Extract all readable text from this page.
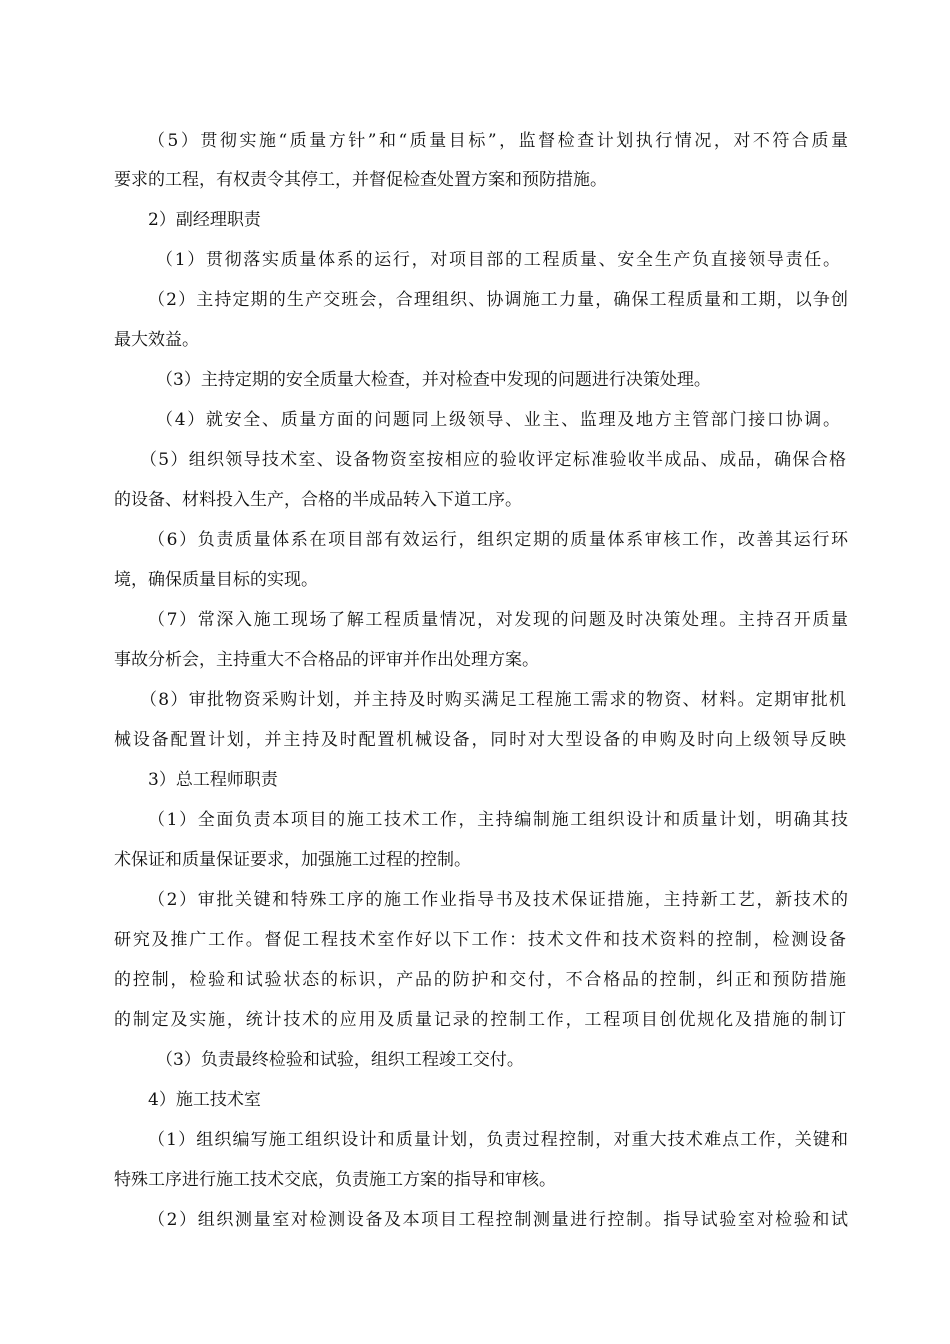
（5）贯彻实施“质量方针”和“质量目标”，监督检查计划执行情况，对不符合质量
要求的工程，有权责令其停工，并督促检查处置方案和预防措施。
2）副经理职责
（1）贯彻落实质量体系的运行，对项目部的工程质量、安全生产负直接领导责任。
（2）主持定期的生产交班会，合理组织、协调施工力量，确保工程质量和工期，以争创
最大效益。
（3）主持定期的安全质量大检查，并对检查中发现的问题进行决策处理。
（4）就安全、质量方面的问题同上级领导、业主、监理及地方主管部门接口协调。
（5）组织领导技术室、设备物资室按相应的验收评定标准验收半成品、成品，确保合格
的设备、材料投入生产，合格的半成品转入下道工序。
（6）负责质量体系在项目部有效运行，组织定期的质量体系审核工作，改善其运行环
境，确保质量目标的实现。
（7）常深入施工现场了解工程质量情况，对发现的问题及时决策处理。主持召开质量
事故分析会，主持重大不合格品的评审并作出处理方案。
（8）审批物资采购计划，并主持及时购买满足工程施工需求的物资、材料。定期审批机
械设备配置计划，并主持及时配置机械设备，同时对大型设备的申购及时向上级领导反映
3）总工程师职责
（1）全面负责本项目的施工技术工作，主持编制施工组织设计和质量计划，明确其技
术保证和质量保证要求，加强施工过程的控制。
（2）审批关键和特殊工序的施工作业指导书及技术保证措施，主持新工艺，新技术的
研究及推广工作。督促工程技术室作好以下工作：技术文件和技术资料的控制，检测设备
的控制，检验和试验状态的标识，产品的防护和交付，不合格品的控制，纠正和预防措施
的制定及实施，统计技术的应用及质量记录的控制工作，工程项目创优规化及措施的制订
（3）负责最终检验和试验，组织工程竣工交付。
4）施工技术室
（1）组织编写施工组织设计和质量计划，负责过程控制，对重大技术难点工作，关键和
特殊工序进行施工技术交底，负责施工方案的指导和审核。
（2）组织测量室对检测设备及本项目工程控制测量进行控制。指导试验室对检验和试
